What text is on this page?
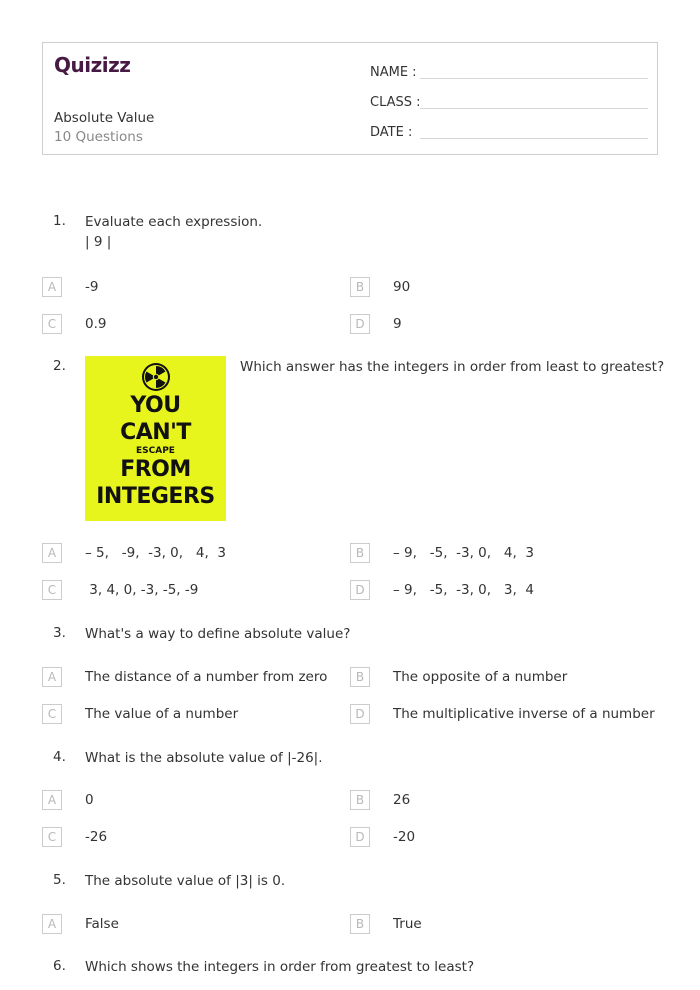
Quizizz
Absolute Value
10 Questions
NAME :
CLASS :
DATE :
1. Evaluate each expression.
| 9 |
A	-9	B	90
C	0.9	D	9
2.
YOU
CAN'T
ESCAPE
FROM
INTEGERS
Which answer has the integers in order from least to greatest?
A	– 5,   -9,  -3, 0,   4,  3	B	– 9,   -5,  -3, 0,   4,  3
C	3, 4, 0, -3, -5, -9	D	– 9,   -5,  -3, 0,   3,  4
3. What's a way to define absolute value?
A	The distance of a number from zero	B	The opposite of a number
C	The value of a number	D	The multiplicative inverse of a number
4. What is the absolute value of |-26|.
A	0	B	26
C	-26	D	-20
5. The absolute value of |3| is 0.
A	False	B	True
6. Which shows the integers in order from greatest to least?
